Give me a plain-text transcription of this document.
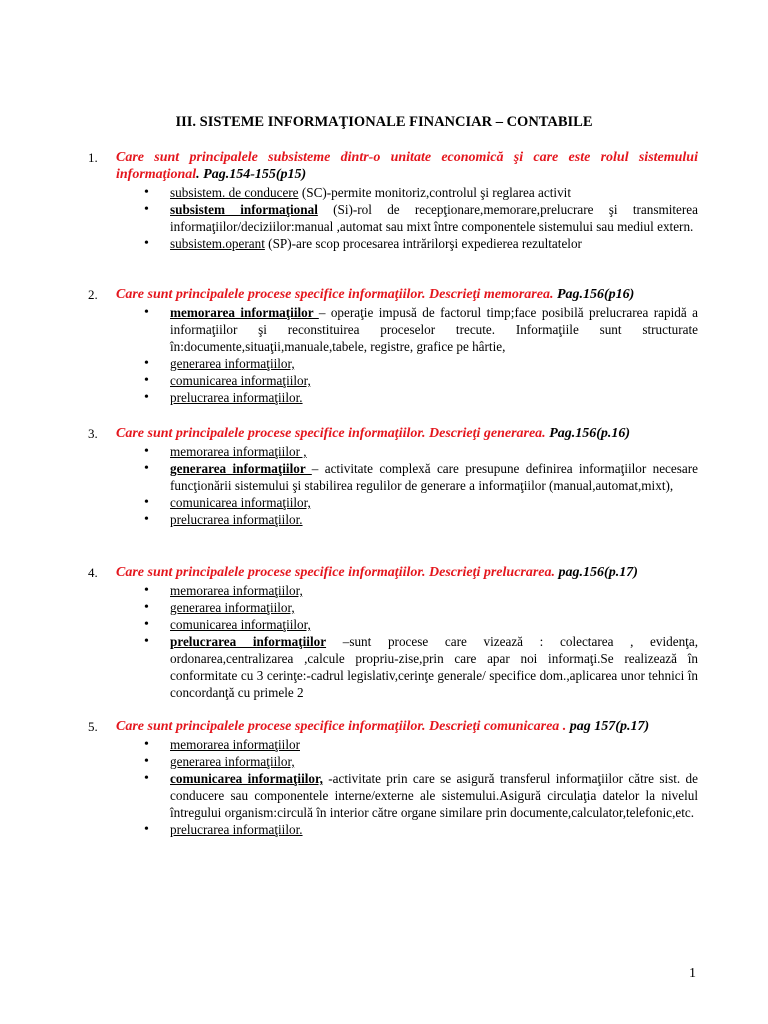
III. SISTEME INFORMAŢIONALE FINANCIAR – CONTABILE
1. Care sunt principalele subsisteme dintr-o unitate economică şi care este rolul sistemului informaţional. Pag.154-155(p15)
• subsistem. de conducere (SC)-permite monitoriz,controlul şi reglarea activit
• subsistem informaţional (Si)-rol de recepţionare,memorare,prelucrare şi transmiterea informaţiilor/deciziilor:manual ,automat sau mixt între componentele sistemului sau mediul extern.
• subsistem.operant (SP)-are scop procesarea intrărilorşi expedierea rezultatelor
2. Care sunt principalele procese specifice informaţiilor. Descrieţi memorarea. Pag.156(p16)
• memorarea informaţiilor – operaţie impusă de factorul timp;face posibilă prelucrarea rapidă a informaţiilor şi reconstituirea proceselor trecute. Informaţiile sunt structurate în:documente,situaţii,manuale,tabele, registre, grafice pe hârtie,
• generarea informaţiilor,
• comunicarea informaţiilor,
• prelucrarea informaţiilor.
3. Care sunt principalele procese specifice informaţiilor. Descrieţi generarea. Pag.156(p.16)
• memorarea informaţiilor ,
• generarea informaţiilor – activitate complexă care presupune definirea informaţiilor necesare funcţionării sistemului şi stabilirea regulilor de generare a informaţiilor (manual,automat,mixt),
• comunicarea informaţiilor,
• prelucrarea informaţiilor.
4. Care sunt principalele procese specifice informaţiilor. Descrieţi prelucrarea. pag.156(p.17)
• memorarea informaţiilor,
• generarea informaţiilor,
• comunicarea informaţiilor,
• prelucrarea informaţiilor –sunt procese care vizează : colectarea , evidenţa, ordonarea,centralizarea ,calcule propriu-zise,prin care apar noi informaţi.Se realizează în conformitate cu 3 cerinţe:-cadrul legislativ,cerinţe generale/ specifice dom.,aplicarea unor tehnici în concordanţă cu primele 2
5. Care sunt principalele procese specifice informaţiilor. Descrieţi comunicarea . pag 157(p.17)
• memorarea informaţiilor
• generarea informaţiilor,
• comunicarea informaţiilor, -activitate prin care se asigură transferul informaţiilor către sist. de conducere sau componentele interne/externe ale sistemului.Asigură circulaţia datelor la nivelul întregului organism:circulă în interior către organe similare prin documente,calculator,telefonic,etc.
• prelucrarea informaţiilor.
1
